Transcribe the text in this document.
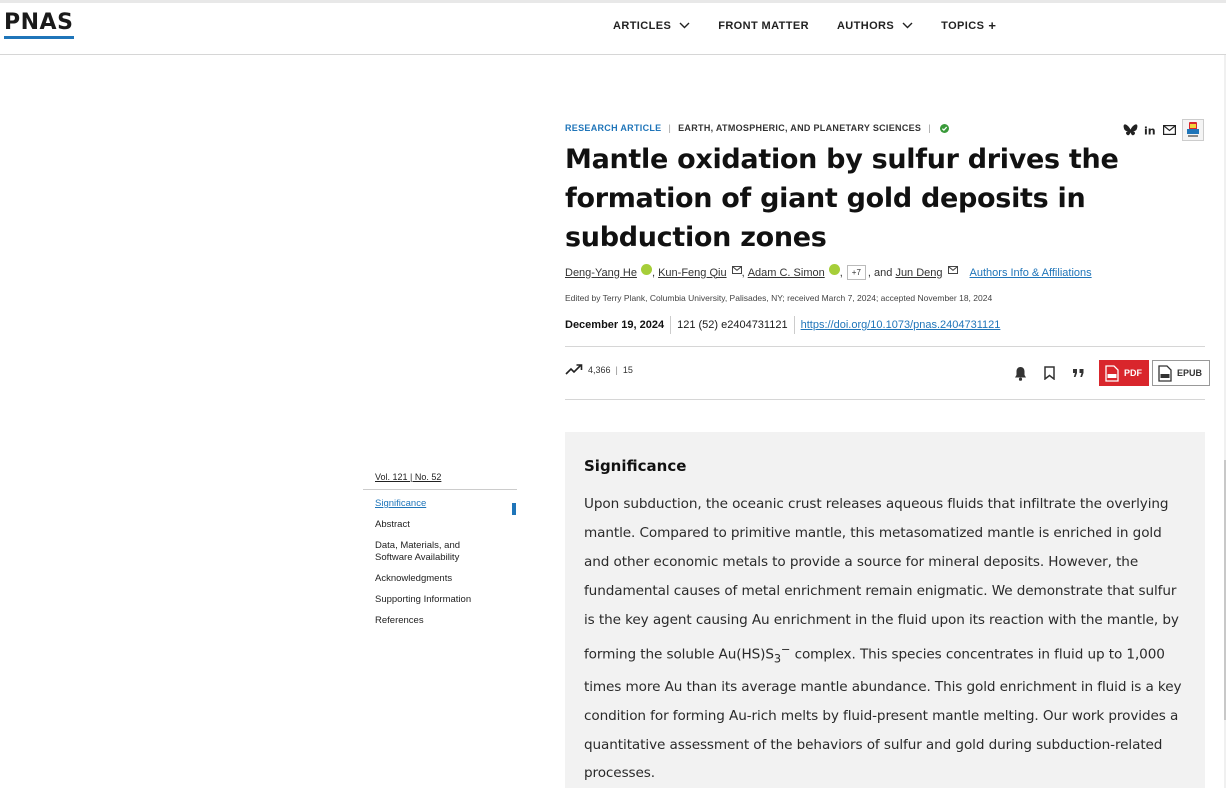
PNAS	ARTICLES	FRONT MATTER	AUTHORS	TOPICS +
RESEARCH ARTICLE | EARTH, ATMOSPHERIC, AND PLANETARY SCIENCES |	in
Mantle oxidation by sulfur drives the formation of giant gold deposits in subduction zones
Deng-Yang He , Kun-Feng Qiu , Adam C. Simon ,	+7 , and
Jun Deng Authors Info & Affiliations
Edited by Terry Plank, Columbia University, Palisades, NY; received March 7, 2024; accepted November 18, 2024
December 19, 2024 121 (52) e2404731121 https://doi.org/10.1073/pnas.2404731121
4,366 | 15	PDF	EPUB
Vol. 121 | No. 52
Significance
Abstract
Data, Materials, and Software Availability
Acknowledgments
Supporting Information
References
Significance

Upon subduction, the oceanic crust releases aqueous fluids that infiltrate the overlying mantle. Compared to primitive mantle, this metasomatized mantle is enriched in gold and other economic metals to provide a source for mineral deposits. However, the fundamental causes of metal enrichment remain enigmatic. We demonstrate that sulfur is the key agent causing Au enrichment in the fluid upon its reaction with the mantle, by forming the soluble $Au(HS)S_3^-$ complex. This species concentrates in fluid up to 1,000 times more Au than its average mantle abundance. This gold enrichment in fluid is a key condition for forming Au-rich melts by fluid-present mantle melting. Our work provides a quantitative assessment of the behaviors of sulfur and gold during subduction-related processes.
